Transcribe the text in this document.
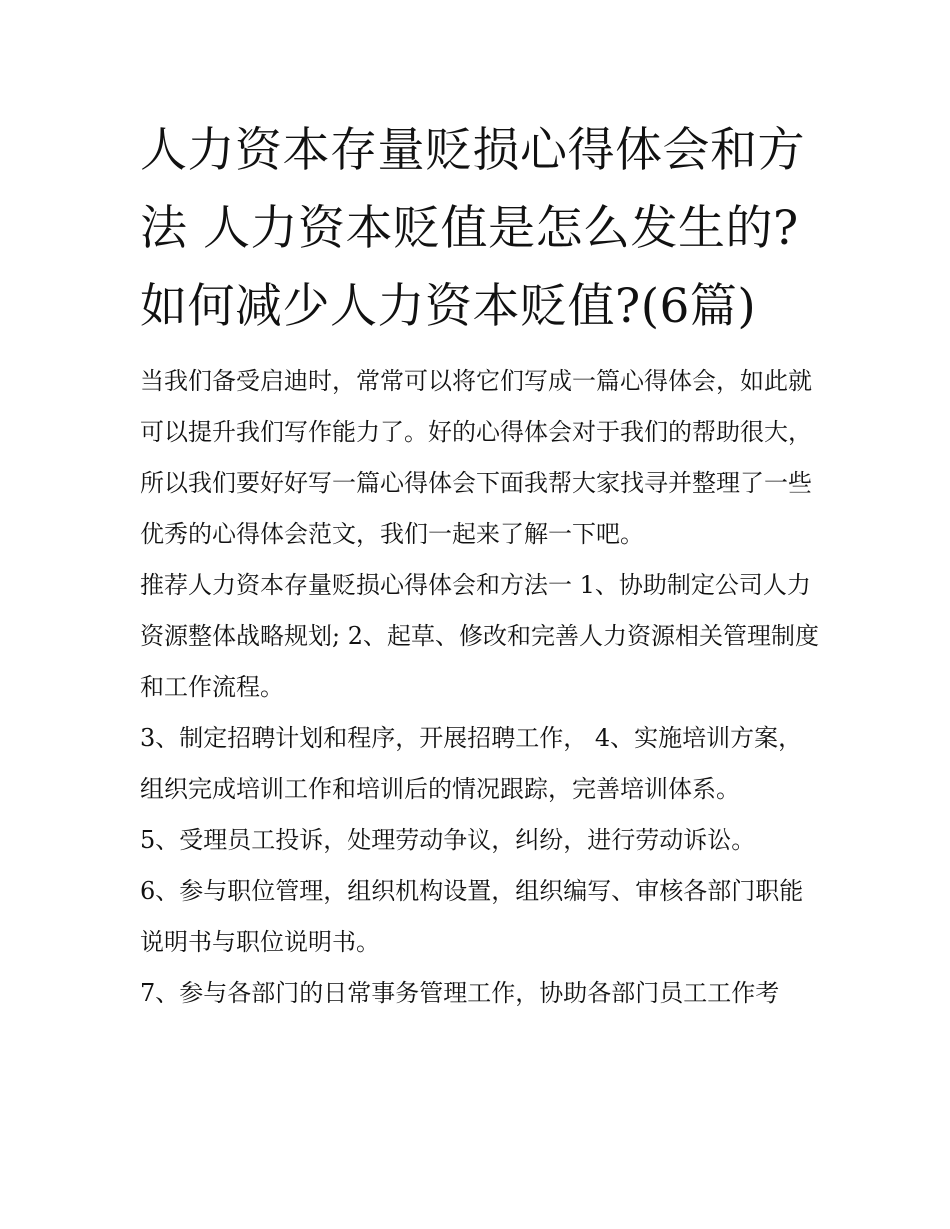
人力资本存量贬损心得体会和方法 人力资本贬值是怎么发生的?如何减少人力资本贬值?(6篇)

当我们备受启迪时，常常可以将它们写成一篇心得体会，如此就可以提升我们写作能力了。好的心得体会对于我们的帮助很大，所以我们要好好写一篇心得体会下面我帮大家找寻并整理了一些优秀的心得体会范文，我们一起来了解一下吧。

推荐人力资本存量贬损心得体会和方法一 1、协助制定公司人力资源整体战略规划; 2、起草、修改和完善人力资源相关管理制度和工作流程。

3、制定招聘计划和程序，开展招聘工作， 4、实施培训方案，组织完成培训工作和培训后的情况跟踪，完善培训体系。

5、受理员工投诉，处理劳动争议，纠纷，进行劳动诉讼。

6、参与职位管理，组织机构设置，组织编写、审核各部门职能说明书与职位说明书。

7、参与各部门的日常事务管理工作，协助各部门员工工作考
